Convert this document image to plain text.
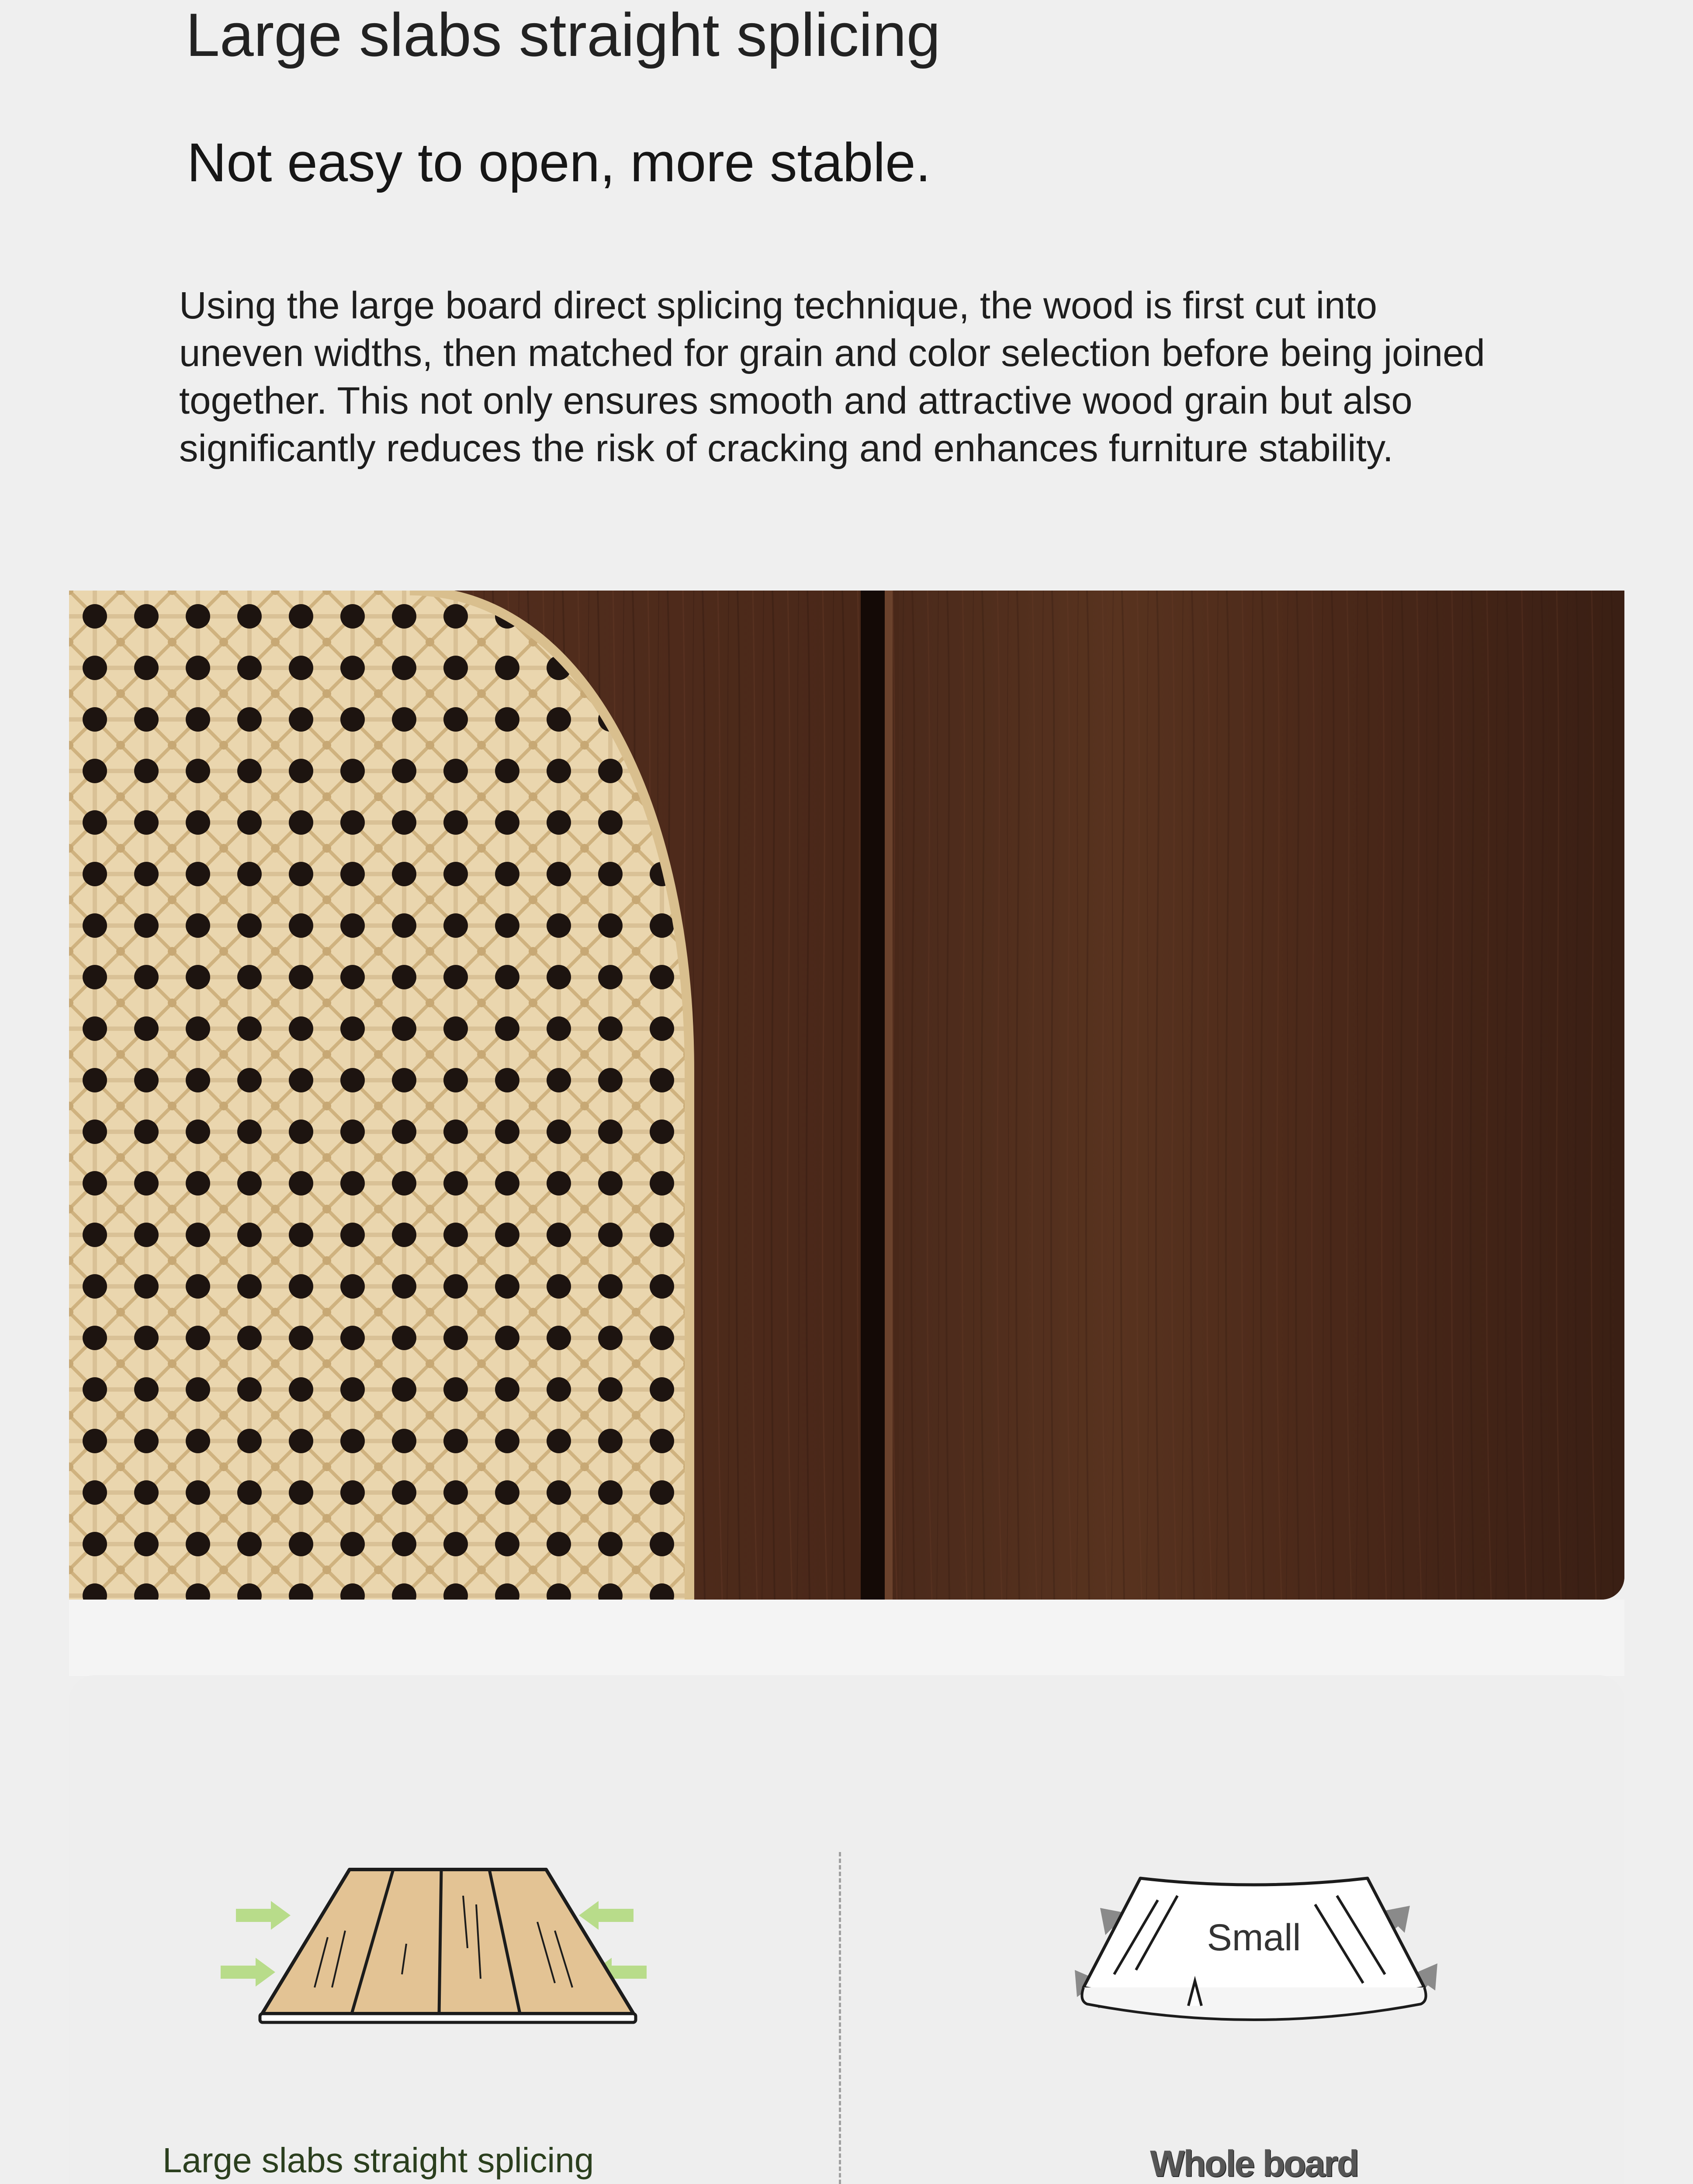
Large slabs straight splicing
Not easy to open, more stable.

Using the large board direct splicing technique, the wood is first cut into uneven widths, then matched for grain and color selection before being joined together. This not only ensures smooth and attractive wood grain but also significantly reduces the risk of cracking and enhances furniture stability.

Small
Large slabs straight splicing	Whole board
